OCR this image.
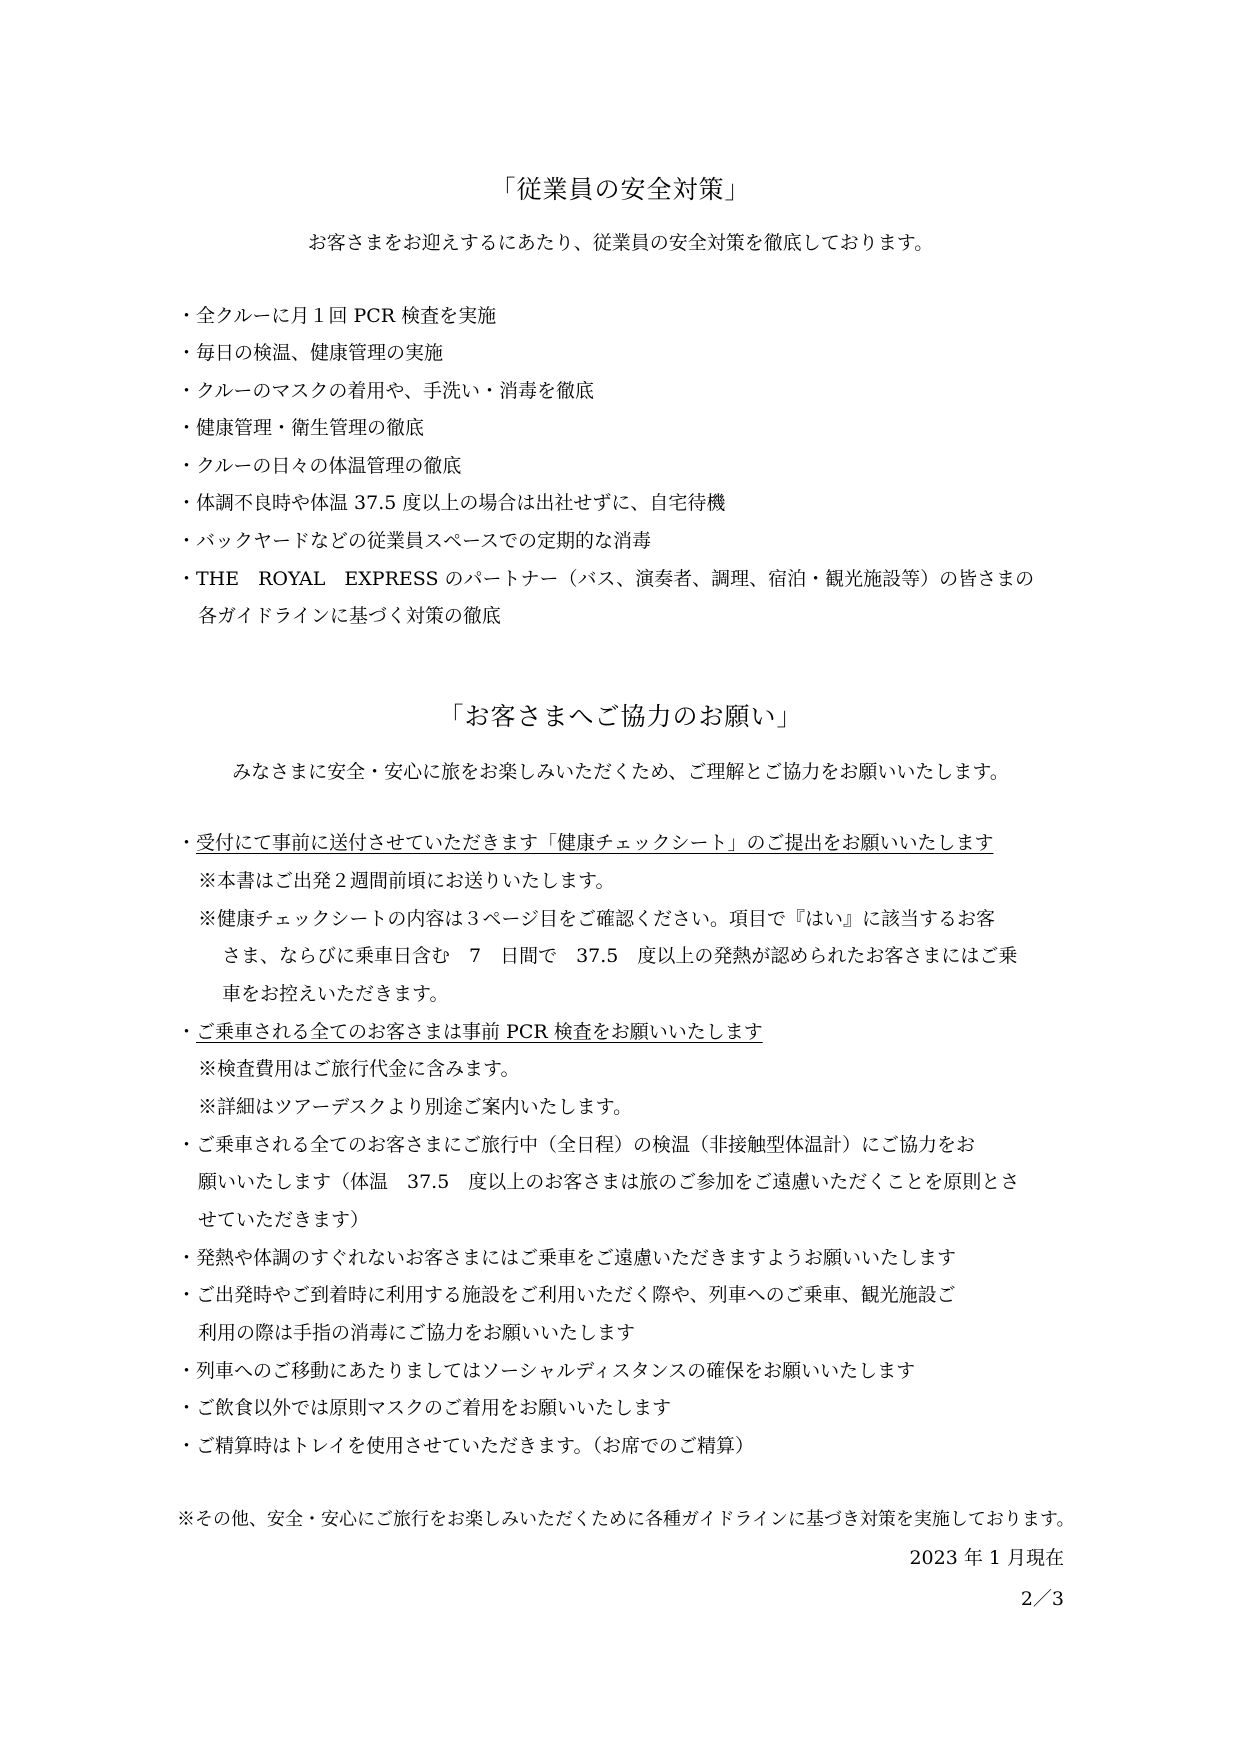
「従業員の安全対策」
お客さまをお迎えするにあたり、従業員の安全対策を徹底しております。
・全クルーに月１回 PCR 検査を実施
・毎日の検温、健康管理の実施
・クルーのマスクの着用や、手洗い・消毒を徹底
・健康管理・衛生管理の徹底
・クルーの日々の体温管理の徹底
・体調不良時や体温 37.5 度以上の場合は出社せずに、自宅待機
・バックヤードなどの従業員スペースでの定期的な消毒
・THE　ROYAL　EXPRESS のパートナー（バス、演奏者、調理、宿泊・観光施設等）の皆さまの
各ガイドラインに基づく対策の徹底
「お客さまへご協力のお願い」
みなさまに安全・安心に旅をお楽しみいただくため、ご理解とご協力をお願いいたします。
・受付にて事前に送付させていただきます「健康チェックシート」のご提出をお願いいたします
※本書はご出発２週間前頃にお送りいたします。
※健康チェックシートの内容は３ページ目をご確認ください。項目で『はい』に該当するお客
さま、ならびに乗車日含む　7　日間で　37.5　度以上の発熱が認められたお客さまにはご乗
車をお控えいただきます。
・ご乗車される全てのお客さまは事前 PCR 検査をお願いいたします
※検査費用はご旅行代金に含みます。
※詳細はツアーデスクより別途ご案内いたします。
・ご乗車される全てのお客さまにご旅行中（全日程）の検温（非接触型体温計）にご協力をお
願いいたします（体温　37.5　度以上のお客さまは旅のご参加をご遠慮いただくことを原則とさ
せていただきます）
・発熱や体調のすぐれないお客さまにはご乗車をご遠慮いただきますようお願いいたします
・ご出発時やご到着時に利用する施設をご利用いただく際や、列車へのご乗車、観光施設ご
利用の際は手指の消毒にご協力をお願いいたします
・列車へのご移動にあたりましてはソーシャルディスタンスの確保をお願いいたします
・ご飲食以外では原則マスクのご着用をお願いいたします
・ご精算時はトレイを使用させていただきます。（お席でのご精算）
※その他、安全・安心にご旅行をお楽しみいただくために各種ガイドラインに基づき対策を実施しております。
2023 年 1 月現在
2／3
